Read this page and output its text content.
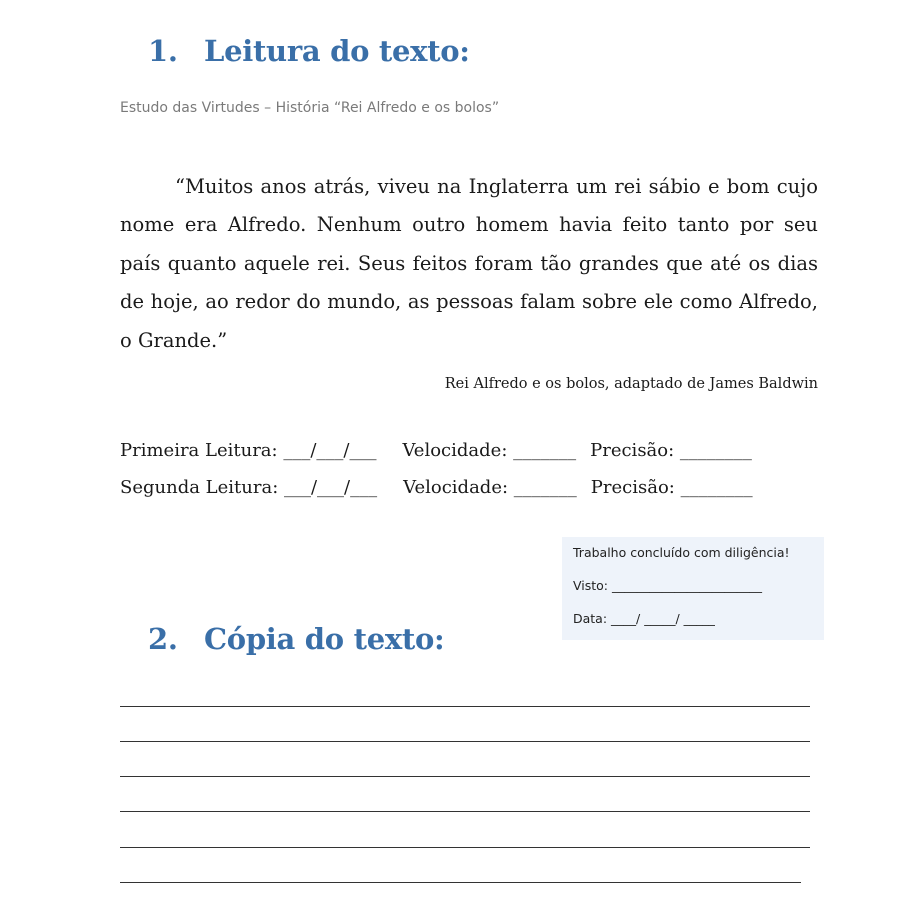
1. Leitura do texto:
Estudo das Virtudes – História “Rei Alfredo e os bolos”

“Muitos anos atrás, viveu na Inglaterra um rei sábio e bom cujo nome era Alfredo. Nenhum outro homem havia feito tanto por seu país quanto aquele rei. Seus feitos foram tão grandes que até os dias de hoje, ao redor do mundo, as pessoas falam sobre ele como Alfredo, o Grande.”

Rei Alfredo e os bolos, adaptado de James Baldwin
Primeira Leitura: ___/___/___ Velocidade: _______ Precisão: ________
Segunda Leitura: ___/___/___ Velocidade: _______ Precisão: ________
Trabalho concluído com diligência!
Visto: ________________________
Data: ____/ _____/ _____
2. Cópia do texto:
